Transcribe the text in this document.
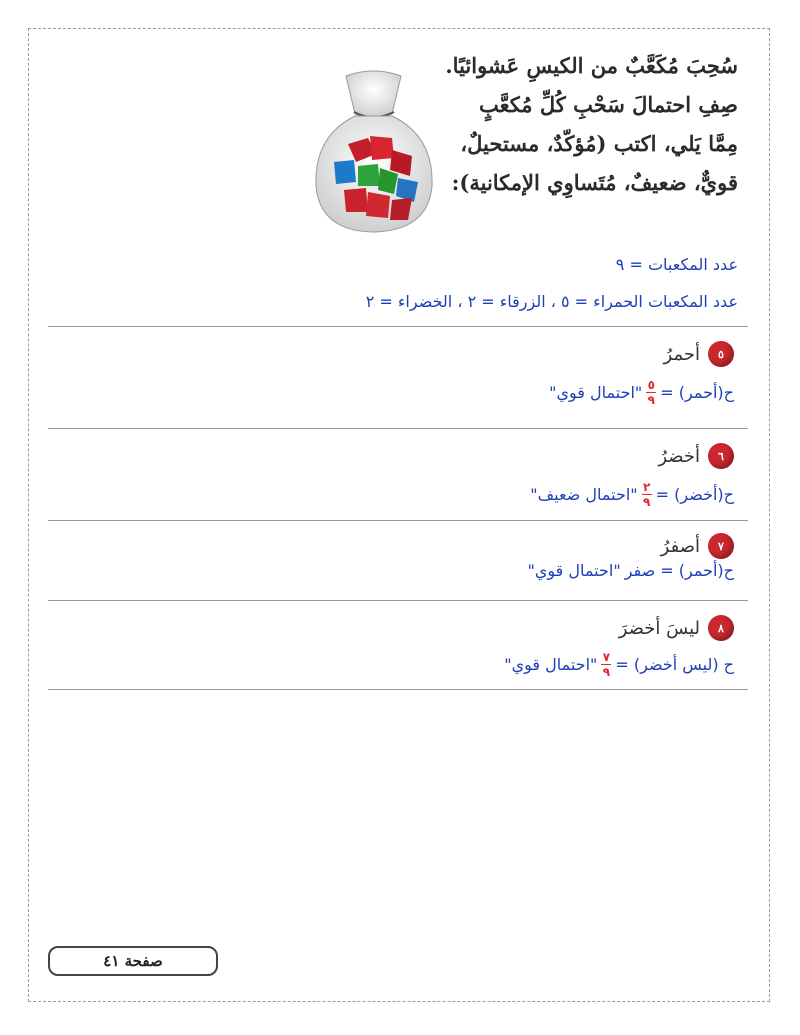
سُحِبَ مُكَعَّبٌ من الكيسِ عَشوائيًا.

صِفِ احتمالَ سَحْبِ كُلِّ مُكعَّبٍ

مِمَّا يَلي، اكتب (مُؤكّدٌ، مستحيلٌ،

قويٌّ، ضعيفٌ، مُتَساوِي الإمكانية):

عدد المكعبات = ٩
عدد المكعبات الحمراء = ٥ ، الزرقاء = ٢ ، الخضراء = ٢
٥
أحمرُ
ح(أحمر) =
$\frac{٥}{٩}$
"احتمال قوي"
٦
أخضرُ
ح(أخضر) =
$\frac{٢}{٩}$
"احتمال ضعيف"
٧
أصفرُ
ح(أحمر) = صفر
"احتمال قوي"
٨
ليسَ أخضرَ
ح (ليس أخضر) =
$\frac{٧}{٩}$
"احتمال قوي"
صفحة ٤١
